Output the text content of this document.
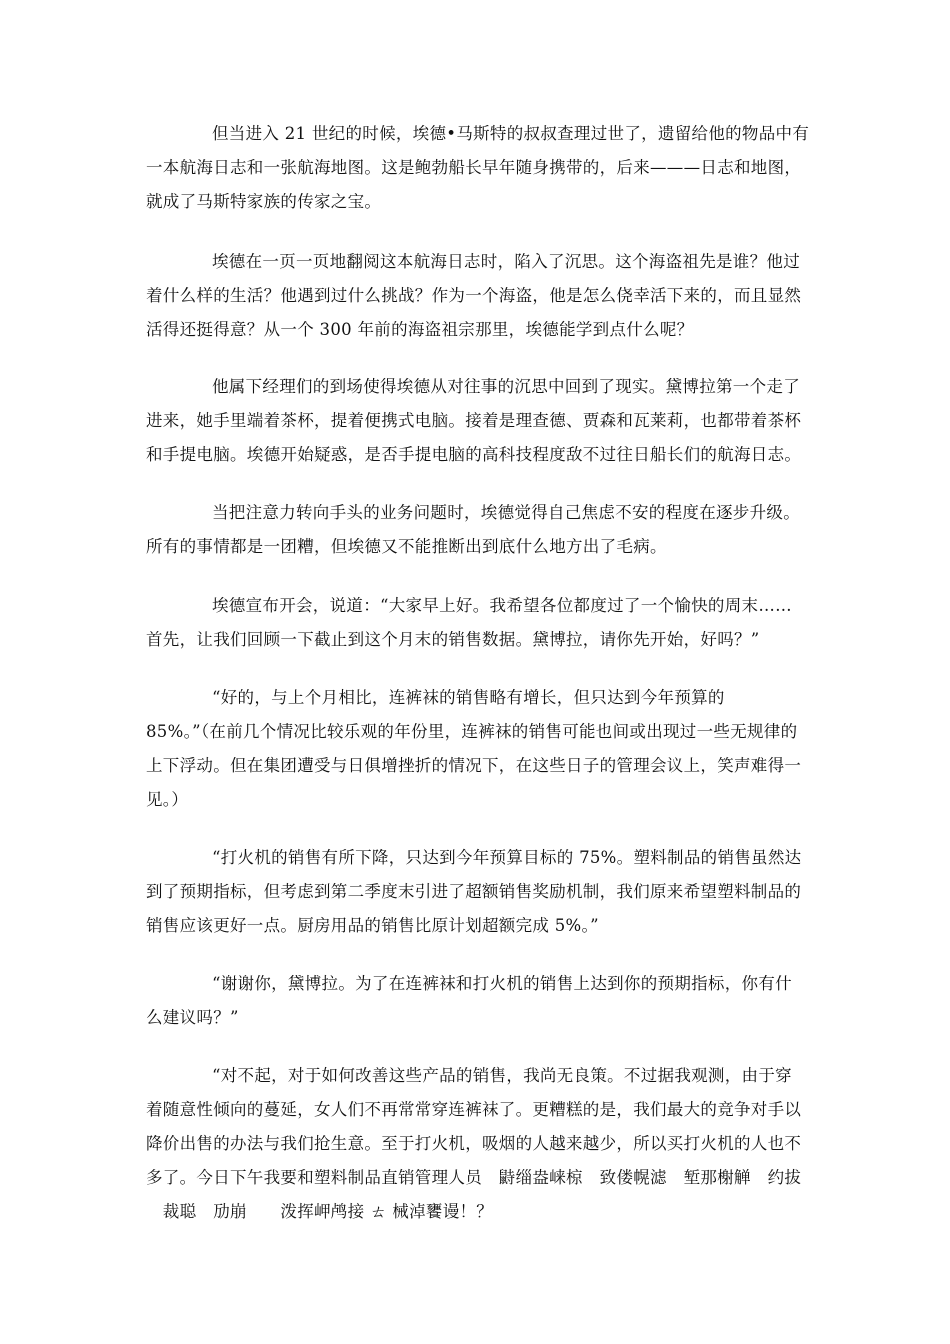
但当进入 21 世纪的时候，埃德•马斯特的叔叔查理过世了，遗留给他的物品中有
一本航海日志和一张航海地图。这是鲍勃船长早年随身携带的，后来———日志和地图，
就成了马斯特家族的传家之宝。
埃德在一页一页地翻阅这本航海日志时，陷入了沉思。这个海盗祖先是谁？他过
着什么样的生活？他遇到过什么挑战？作为一个海盗，他是怎么侥幸活下来的，而且显然
活得还挺得意？从一个 300 年前的海盗祖宗那里，埃德能学到点什么呢？
他属下经理们的到场使得埃德从对往事的沉思中回到了现实。黛博拉第一个走了
进来，她手里端着茶杯，提着便携式电脑。接着是理查德、贾森和瓦莱莉，也都带着茶杯
和手提电脑。埃德开始疑惑，是否手提电脑的高科技程度敌不过往日船长们的航海日志。
当把注意力转向手头的业务问题时，埃德觉得自己焦虑不安的程度在逐步升级。
所有的事情都是一团糟，但埃德又不能推断出到底什么地方出了毛病。
埃德宣布开会，说道：“大家早上好。我希望各位都度过了一个愉快的周末……
首先，让我们回顾一下截止到这个月末的销售数据。黛博拉，请你先开始，好吗？”
“好的，与上个月相比，连裤袜的销售略有增长，但只达到今年预算的
85%。”（在前几个情况比较乐观的年份里，连裤袜的销售可能也间或出现过一些无规律的
上下浮动。但在集团遭受与日俱增挫折的情况下，在这些日子的管理会议上，笑声难得一
见。）
“打火机的销售有所下降，只达到今年预算目标的 75%。塑料制品的销售虽然达
到了预期指标，但考虑到第二季度末引进了超额销售奖励机制，我们原来希望塑料制品的
销售应该更好一点。厨房用品的销售比原计划超额完成 5%。”
“谢谢你，黛博拉。为了在连裤袜和打火机的销售上达到你的预期指标，你有什
么建议吗？”
“对不起，对于如何改善这些产品的销售，我尚无良策。不过据我观测，由于穿
着随意性倾向的蔓延，女人们不再常常穿连裤袜了。更糟糕的是，我们最大的竞争对手以
降价出售的办法与我们抢生意。至于打火机，吸烟的人越来越少，所以买打火机的人也不
多了。今日下午我要和塑料制品直销管理人员　鼭缁盎崃椋　致偻幌滤　堑那榭觯　约拔
　裁聪　劢崩　　泼挥岬鸬接 ㄊ 械淖饔谩！？
